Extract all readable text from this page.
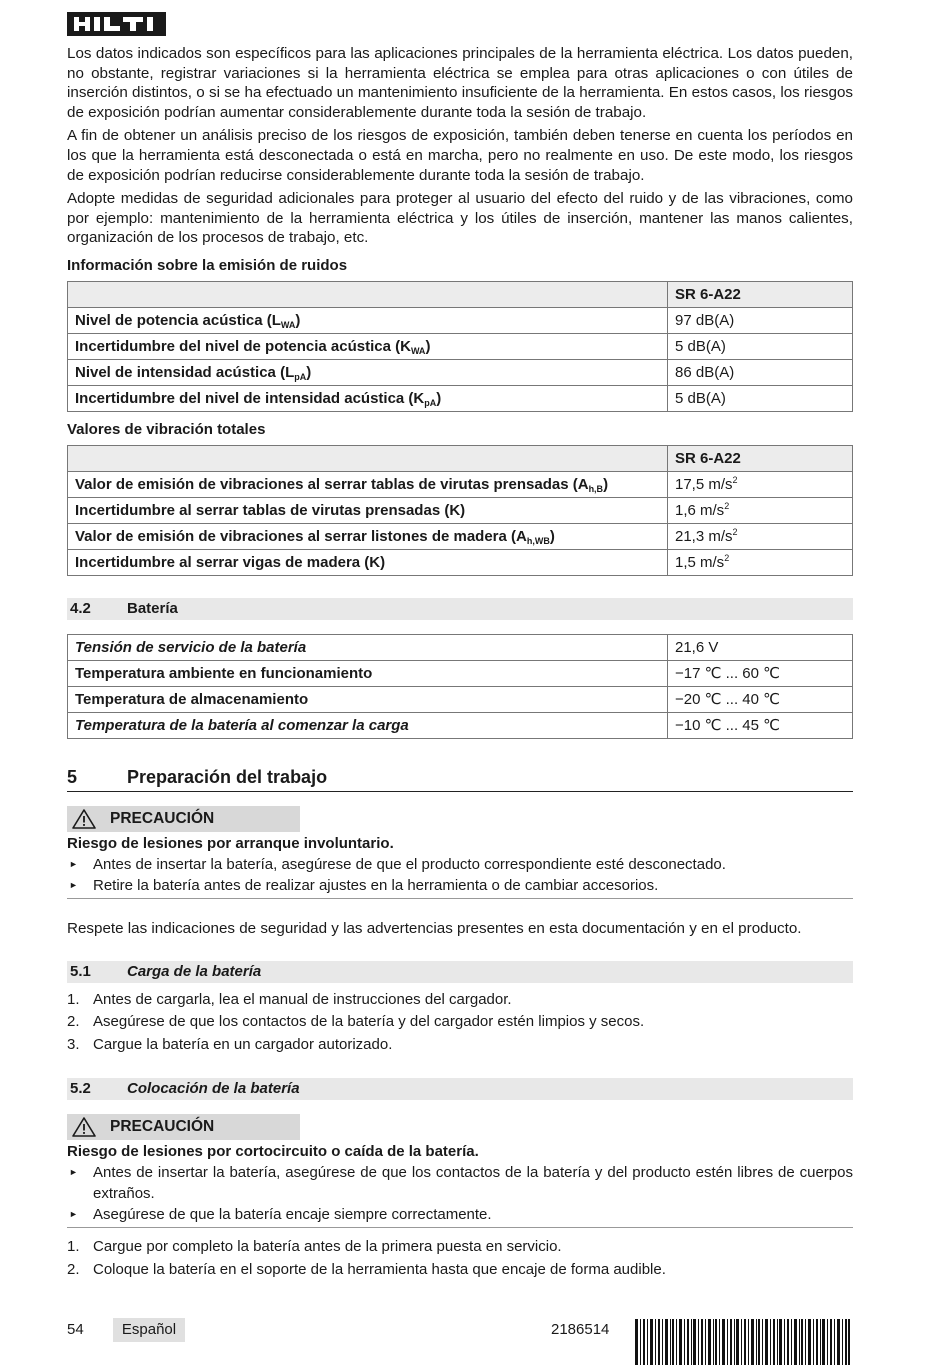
Los datos indicados son específicos para las aplicaciones principales de la herramienta eléctrica. Los datos pueden, no obstante, registrar variaciones si la herramienta eléctrica se emplea para otras aplicaciones o con útiles de inserción distintos, o si se ha efectuado un mantenimiento insuficiente de la herramienta. En estos casos, los riesgos de exposición podrían aumentar considerablemente durante toda la sesión de trabajo.

A fin de obtener un análisis preciso de los riesgos de exposición, también deben tenerse en cuenta los períodos en los que la herramienta está desconectada o está en marcha, pero no realmente en uso. De este modo, los riesgos de exposición podrían reducirse considerablemente durante toda la sesión de trabajo.

Adopte medidas de seguridad adicionales para proteger al usuario del efecto del ruido y de las vibraciones, como por ejemplo: mantenimiento de la herramienta eléctrica y los útiles de inserción, mantener las manos calientes, organización de los procesos de trabajo, etc.

Información sobre la emisión de ruidos
	SR 6-A22
Nivel de potencia acústica $(L_{WA})$	97 dB(A)
Incertidumbre del nivel de potencia acústica $(K_{WA})$	5 dB(A)
Nivel de intensidad acústica $(L_{pA})$	86 dB(A)
Incertidumbre del nivel de intensidad acústica $(K_{pA})$	5 dB(A)
Valores de vibración totales
	SR 6-A22
Valor de emisión de vibraciones al serrar tablas de virutas prensadas $(A_{h,B})$	17,5 $m/s^2$
Incertidumbre al serrar tablas de virutas prensadas (K)	1,6 $m/s^2$
Valor de emisión de vibraciones al serrar listones de madera $(A_{h,WB})$	21,3 $m/s^2$
Incertidumbre al serrar vigas de madera (K)	1,5 $m/s^2$
4.2	Batería
Tensión de servicio de la batería	21,6 V
Temperatura ambiente en funcionamiento	−17 ℃ ... 60 ℃
Temperatura de almacenamiento	−20 ℃ ... 40 ℃
Temperatura de la batería al comenzar la carga	−10 ℃ ... 45 ℃
5	Preparación del trabajo
PRECAUCIÓN
Riesgo de lesiones por arranque involuntario.
► Antes de insertar la batería, asegúrese de que el producto correspondiente esté desconectado.
► Retire la batería antes de realizar ajustes en la herramienta o de cambiar accesorios.

Respete las indicaciones de seguridad y las advertencias presentes en esta documentación y en el producto.

5.1	Carga de la batería
1. Antes de cargarla, lea el manual de instrucciones del cargador.
2. Asegúrese de que los contactos de la batería y del cargador estén limpios y secos.
3. Cargue la batería en un cargador autorizado.
5.2	Colocación de la batería
PRECAUCIÓN
Riesgo de lesiones por cortocircuito o caída de la batería.
► Antes de insertar la batería, asegúrese de que los contactos de la batería y del producto estén libres de cuerpos extraños.
► Asegúrese de que la batería encaje siempre correctamente.
1. Cargue por completo la batería antes de la primera puesta en servicio.
2. Coloque la batería en el soporte de la herramienta hasta que encaje de forma audible.
54	Español	2186514
